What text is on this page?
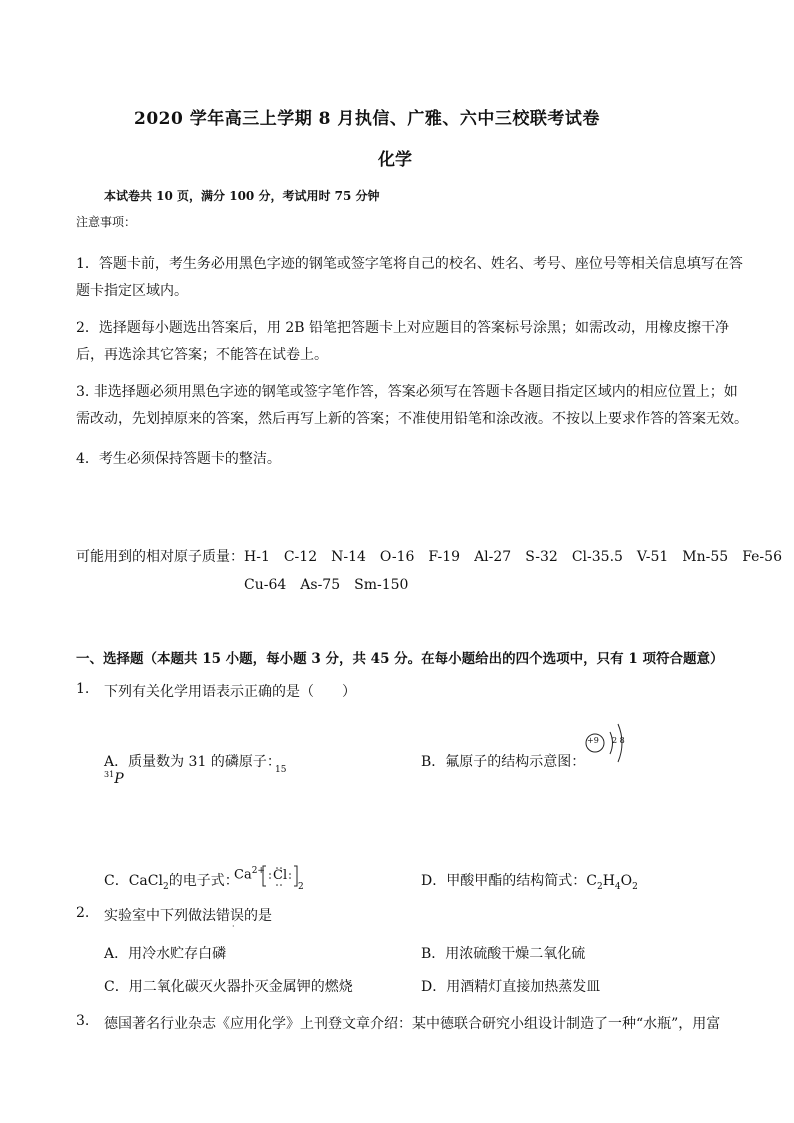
2020 学年高三上学期 8 月执信、广雅、六中三校联考试卷
化学
本试卷共 10 页，满分 100 分，考试用时 75 分钟
注意事项：
1．答题卡前，考生务必用黑色字迹的钢笔或签字笔将自己的校名、姓名、考号、座位号等相关信息填写在答
题卡指定区域内。
2．选择题每小题选出答案后，用 2B 铅笔把答题卡上对应题目的答案标号涂黑；如需改动，用橡皮擦干净
后，再选涂其它答案；不能答在试卷上。
3. 非选择题必须用黑色字迹的钢笔或签字笔作答，答案必须写在答题卡各题目指定区域内的相应位置上；如
需改动，先划掉原来的答案，然后再写上新的答案；不准使用铅笔和涂改液。不按以上要求作答的答案无效。
4．考生必须保持答题卡的整洁。
可能用到的相对原子质量： H-1　C-12　N-14　O-16　F-19　Al-27　S-32　Cl-35.5　V-51　Mn-55　Fe-56
Cu-64　As-75　Sm-150
一、选择题（本题共 15 小题，每小题 3 分，共 45 分。在每小题给出的四个选项中，只有 1 项符合题意）
1. 下列有关化学用语表示正确的是（　　）
A．质量数为 31 的磷原子：
15
$^{31}$P
B．氟原子的结构示意图：
+9 2 8
C．CaCl$_2$的电子式：
$Ca^{2+}$ Cl
2	D．甲酸甲酯的结构简式：$C_2H_4O_2$
2. 实验室中下列做法错误的是
·
A．用冷水贮存白磷	B．用浓硫酸干燥二氧化硫
C．用二氧化碳灭火器扑灭金属钾的燃烧	D．用酒精灯直接加热蒸发皿
3. 德国著名行业杂志《应用化学》上刊登文章介绍：某中德联合研究小组设计制造了一种“水瓶”，用富
